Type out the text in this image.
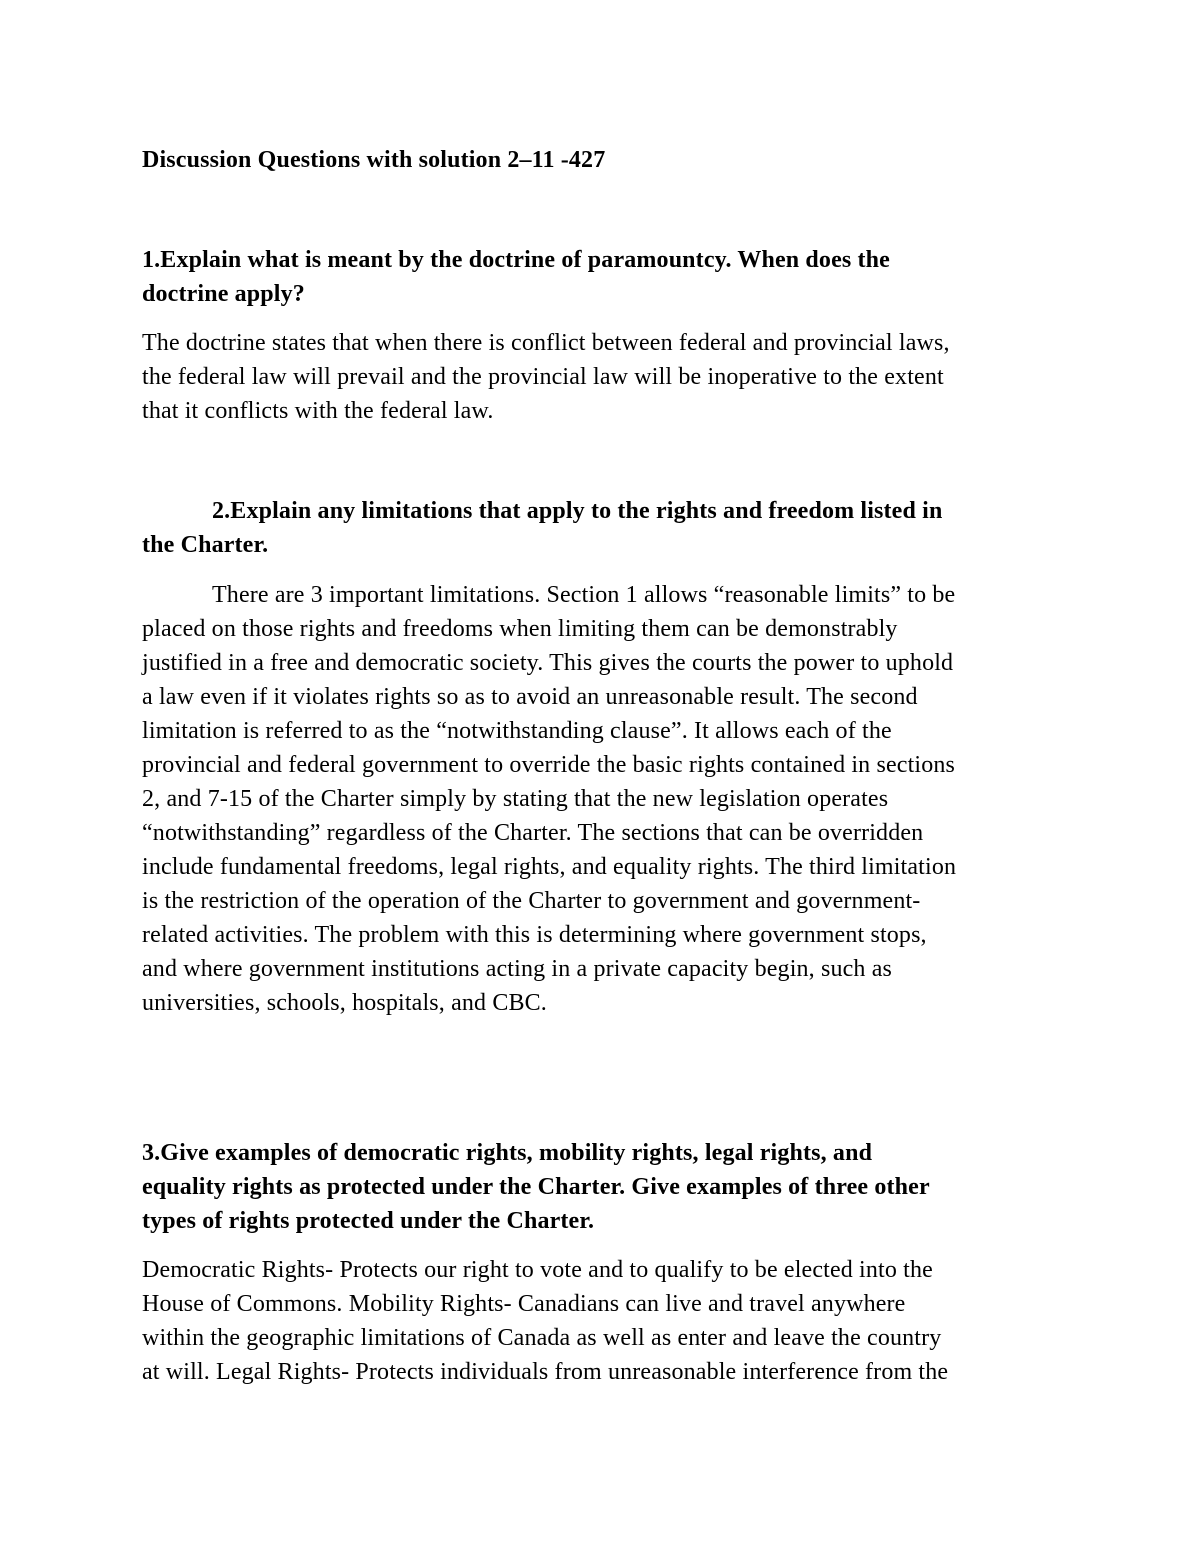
Discussion Questions with solution 2–11 -427
1.Explain what is meant by the doctrine of paramountcy. When does the
doctrine apply?
The doctrine states that when there is conflict between federal and provincial laws,
the federal law will prevail and the provincial law will be inoperative to the extent
that it conflicts with the federal law.
2.Explain any limitations that apply to the rights and freedom listed in
the Charter.
There are 3 important limitations. Section 1 allows “reasonable limits” to be
placed on those rights and freedoms when limiting them can be demonstrably
justified in a free and democratic society. This gives the courts the power to uphold
a law even if it violates rights so as to avoid an unreasonable result. The second
limitation is referred to as the “notwithstanding clause”. It allows each of the
provincial and federal government to override the basic rights contained in sections
2, and 7-15 of the Charter simply by stating that the new legislation operates
“notwithstanding” regardless of the Charter. The sections that can be overridden
include fundamental freedoms, legal rights, and equality rights. The third limitation
is the restriction of the operation of the Charter to government and government-
related activities. The problem with this is determining where government stops,
and where government institutions acting in a private capacity begin, such as
universities, schools, hospitals, and CBC.
3.Give examples of democratic rights, mobility rights, legal rights, and
equality rights as protected under the Charter. Give examples of three other
types of rights protected under the Charter.
Democratic Rights- Protects our right to vote and to qualify to be elected into the
House of Commons. Mobility Rights- Canadians can live and travel anywhere
within the geographic limitations of Canada as well as enter and leave the country
at will. Legal Rights- Protects individuals from unreasonable interference from the
